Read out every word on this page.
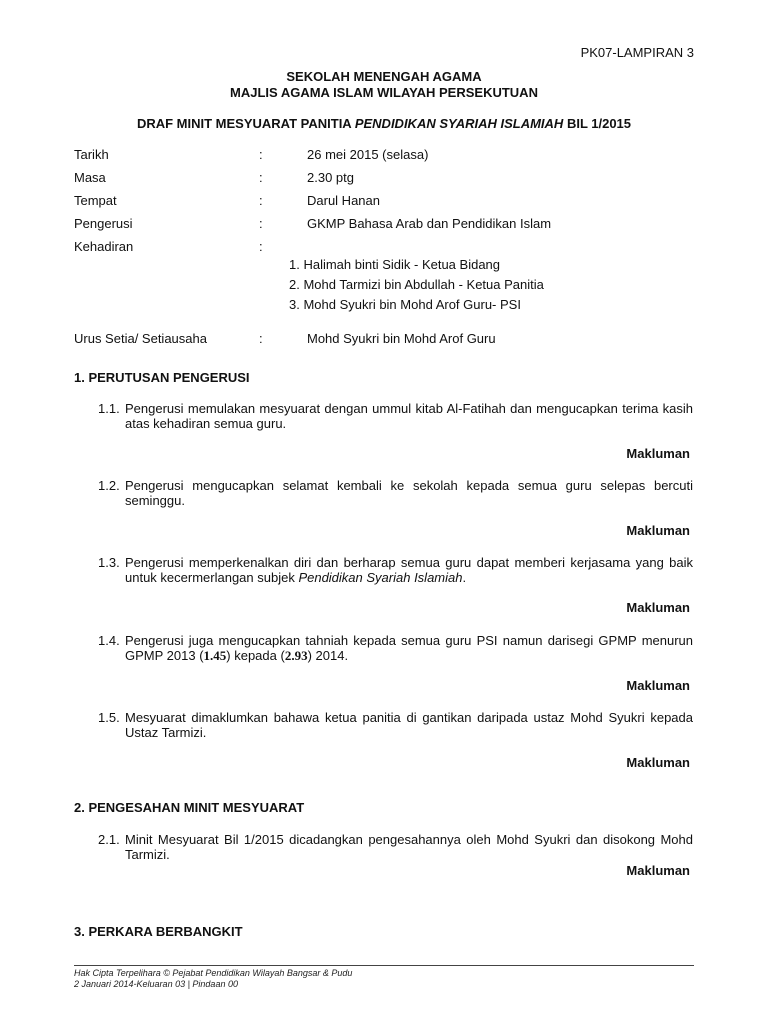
PK07-LAMPIRAN 3
SEKOLAH MENENGAH AGAMA
MAJLIS AGAMA ISLAM WILAYAH PERSEKUTUAN
DRAF MINIT MESYUARAT PANITIA PENDIDIKAN SYARIAH ISLAMIAH BIL 1/2015
Tarikh	:	26 mei 2015 (selasa)
Masa	:	2.30 ptg
Tempat	:	Darul Hanan
Pengerusi	:	GKMP Bahasa Arab dan Pendidikan Islam
Kehadiran	:
1. Halimah binti Sidik - Ketua Bidang
2. Mohd Tarmizi bin Abdullah - Ketua Panitia
3. Mohd Syukri bin Mohd Arof Guru- PSI
Urus Setia/ Setiausaha	:	Mohd Syukri bin Mohd Arof Guru
1. PERUTUSAN PENGERUSI
1.1. Pengerusi memulakan mesyuarat dengan ummul kitab Al-Fatihah dan mengucapkan terima kasih atas kehadiran semua guru.
Makluman
1.2. Pengerusi mengucapkan selamat kembali ke sekolah kepada semua guru selepas bercuti seminggu.
Makluman
1.3. Pengerusi memperkenalkan diri dan berharap semua guru dapat memberi kerjasama yang baik untuk kecermerlangan subjek Pendidikan Syariah Islamiah.
Makluman
1.4. Pengerusi juga mengucapkan tahniah kepada semua guru PSI namun darisegi GPMP menurun GPMP 2013 (1.45) kepada (2.93) 2014.
Makluman
1.5. Mesyuarat dimaklumkan bahawa ketua panitia di gantikan daripada ustaz Mohd Syukri kepada Ustaz Tarmizi.
Makluman
2. PENGESAHAN MINIT MESYUARAT
2.1. Minit Mesyuarat Bil 1/2015 dicadangkan pengesahannya oleh Mohd Syukri dan disokong Mohd Tarmizi.
Makluman
3. PERKARA BERBANGKIT
Hak Cipta Terpelihara © Pejabat Pendidikan Wilayah Bangsar & Pudu
2 Januari 2014-Keluaran 03 | Pindaan 00
